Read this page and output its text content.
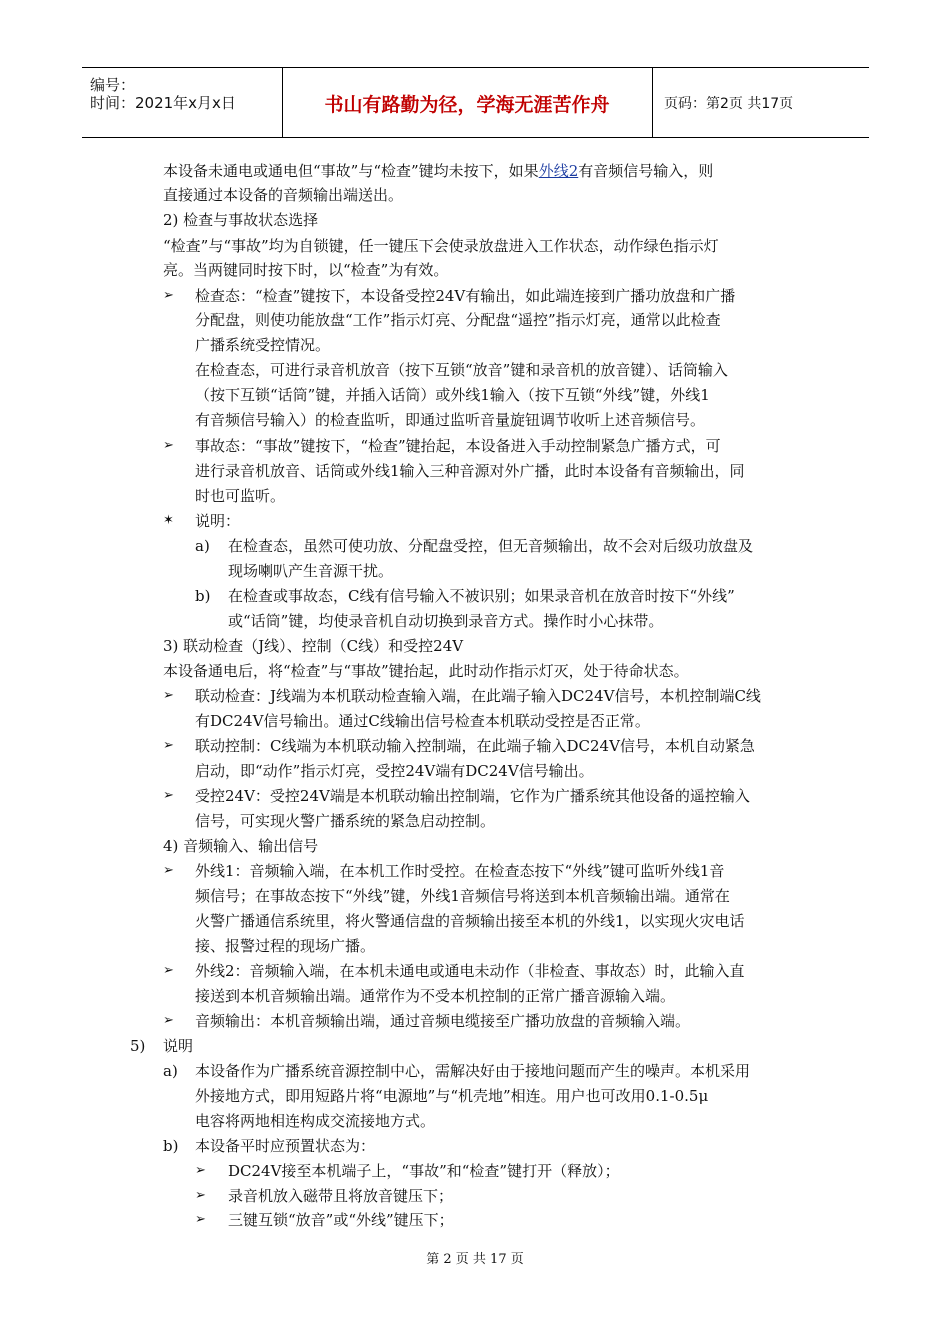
编号：
时间：2021年x月x日	书山有路勤为径，学海无涯苦作舟	页码：第2页 共17页
本设备未通电或通电但“事故”与“检查”键均未按下，如果外线2有音频信号输入，则
直接通过本设备的音频输出端送出。
2) 检查与事故状态选择
“检查”与“事故”均为自锁键，任一键压下会使录放盘进入工作状态，动作绿色指示灯
亮。当两键同时按下时，以“检查”为有效。
➢ 检查态：“检查”键按下，本设备受控24V有输出，如此端连接到广播功放盘和广播
分配盘，则使功能放盘“工作”指示灯亮、分配盘“遥控”指示灯亮，通常以此检查
广播系统受控情况。
在检查态，可进行录音机放音（按下互锁“放音”键和录音机的放音键）、话筒输入
（按下互锁“话筒”键，并插入话筒）或外线1输入（按下互锁“外线”键，外线1
有音频信号输入）的检查监听，即通过监听音量旋钮调节收听上述音频信号。
➢ 事故态：“事故”键按下，“检查”键抬起，本设备进入手动控制紧急广播方式，可
进行录音机放音、话筒或外线1输入三种音源对外广播，此时本设备有音频输出，同
时也可监听。
✶ 说明：
a) 在检查态，虽然可使功放、分配盘受控，但无音频输出，故不会对后级功放盘及
现场喇叭产生音源干扰。
b) 在检查或事故态，C线有信号输入不被识别；如果录音机在放音时按下“外线”
或“话筒”键，均使录音机自动切换到录音方式。操作时小心抹带。
3) 联动检查（J线）、控制（C线）和受控24V
本设备通电后，将“检查”与“事故”键抬起，此时动作指示灯灭，处于待命状态。
➢ 联动检查：J线端为本机联动检查输入端，在此端子输入DC24V信号，本机控制端C线
有DC24V信号输出。通过C线输出信号检查本机联动受控是否正常。
➢ 联动控制：C线端为本机联动输入控制端，在此端子输入DC24V信号，本机自动紧急
启动，即“动作”指示灯亮，受控24V端有DC24V信号输出。
➢ 受控24V：受控24V端是本机联动输出控制端，它作为广播系统其他设备的遥控输入
信号，可实现火警广播系统的紧急启动控制。
4) 音频输入、输出信号
➢ 外线1：音频输入端，在本机工作时受控。在检查态按下“外线”键可监听外线1音
频信号；在事故态按下“外线”键，外线1音频信号将送到本机音频输出端。通常在
火警广播通信系统里，将火警通信盘的音频输出接至本机的外线1，以实现火灾电话
接、报警过程的现场广播。
➢ 外线2：音频输入端，在本机未通电或通电未动作（非检查、事故态）时，此输入直
接送到本机音频输出端。通常作为不受本机控制的正常广播音源输入端。
➢ 音频输出：本机音频输出端，通过音频电缆接至广播功放盘的音频输入端。
5) 说明
a) 本设备作为广播系统音源控制中心，需解决好由于接地问题而产生的噪声。本机采用
外接地方式，即用短路片将“电源地”与“机壳地”相连。用户也可改用0.1-0.5μ
电容将两地相连构成交流接地方式。
b) 本设备平时应预置状态为：
➢ DC24V接至本机端子上，“事故”和“检查”键打开（释放）；
➢ 录音机放入磁带且将放音键压下；
➢ 三键互锁“放音”或“外线”键压下；
第 2 页 共 17 页
